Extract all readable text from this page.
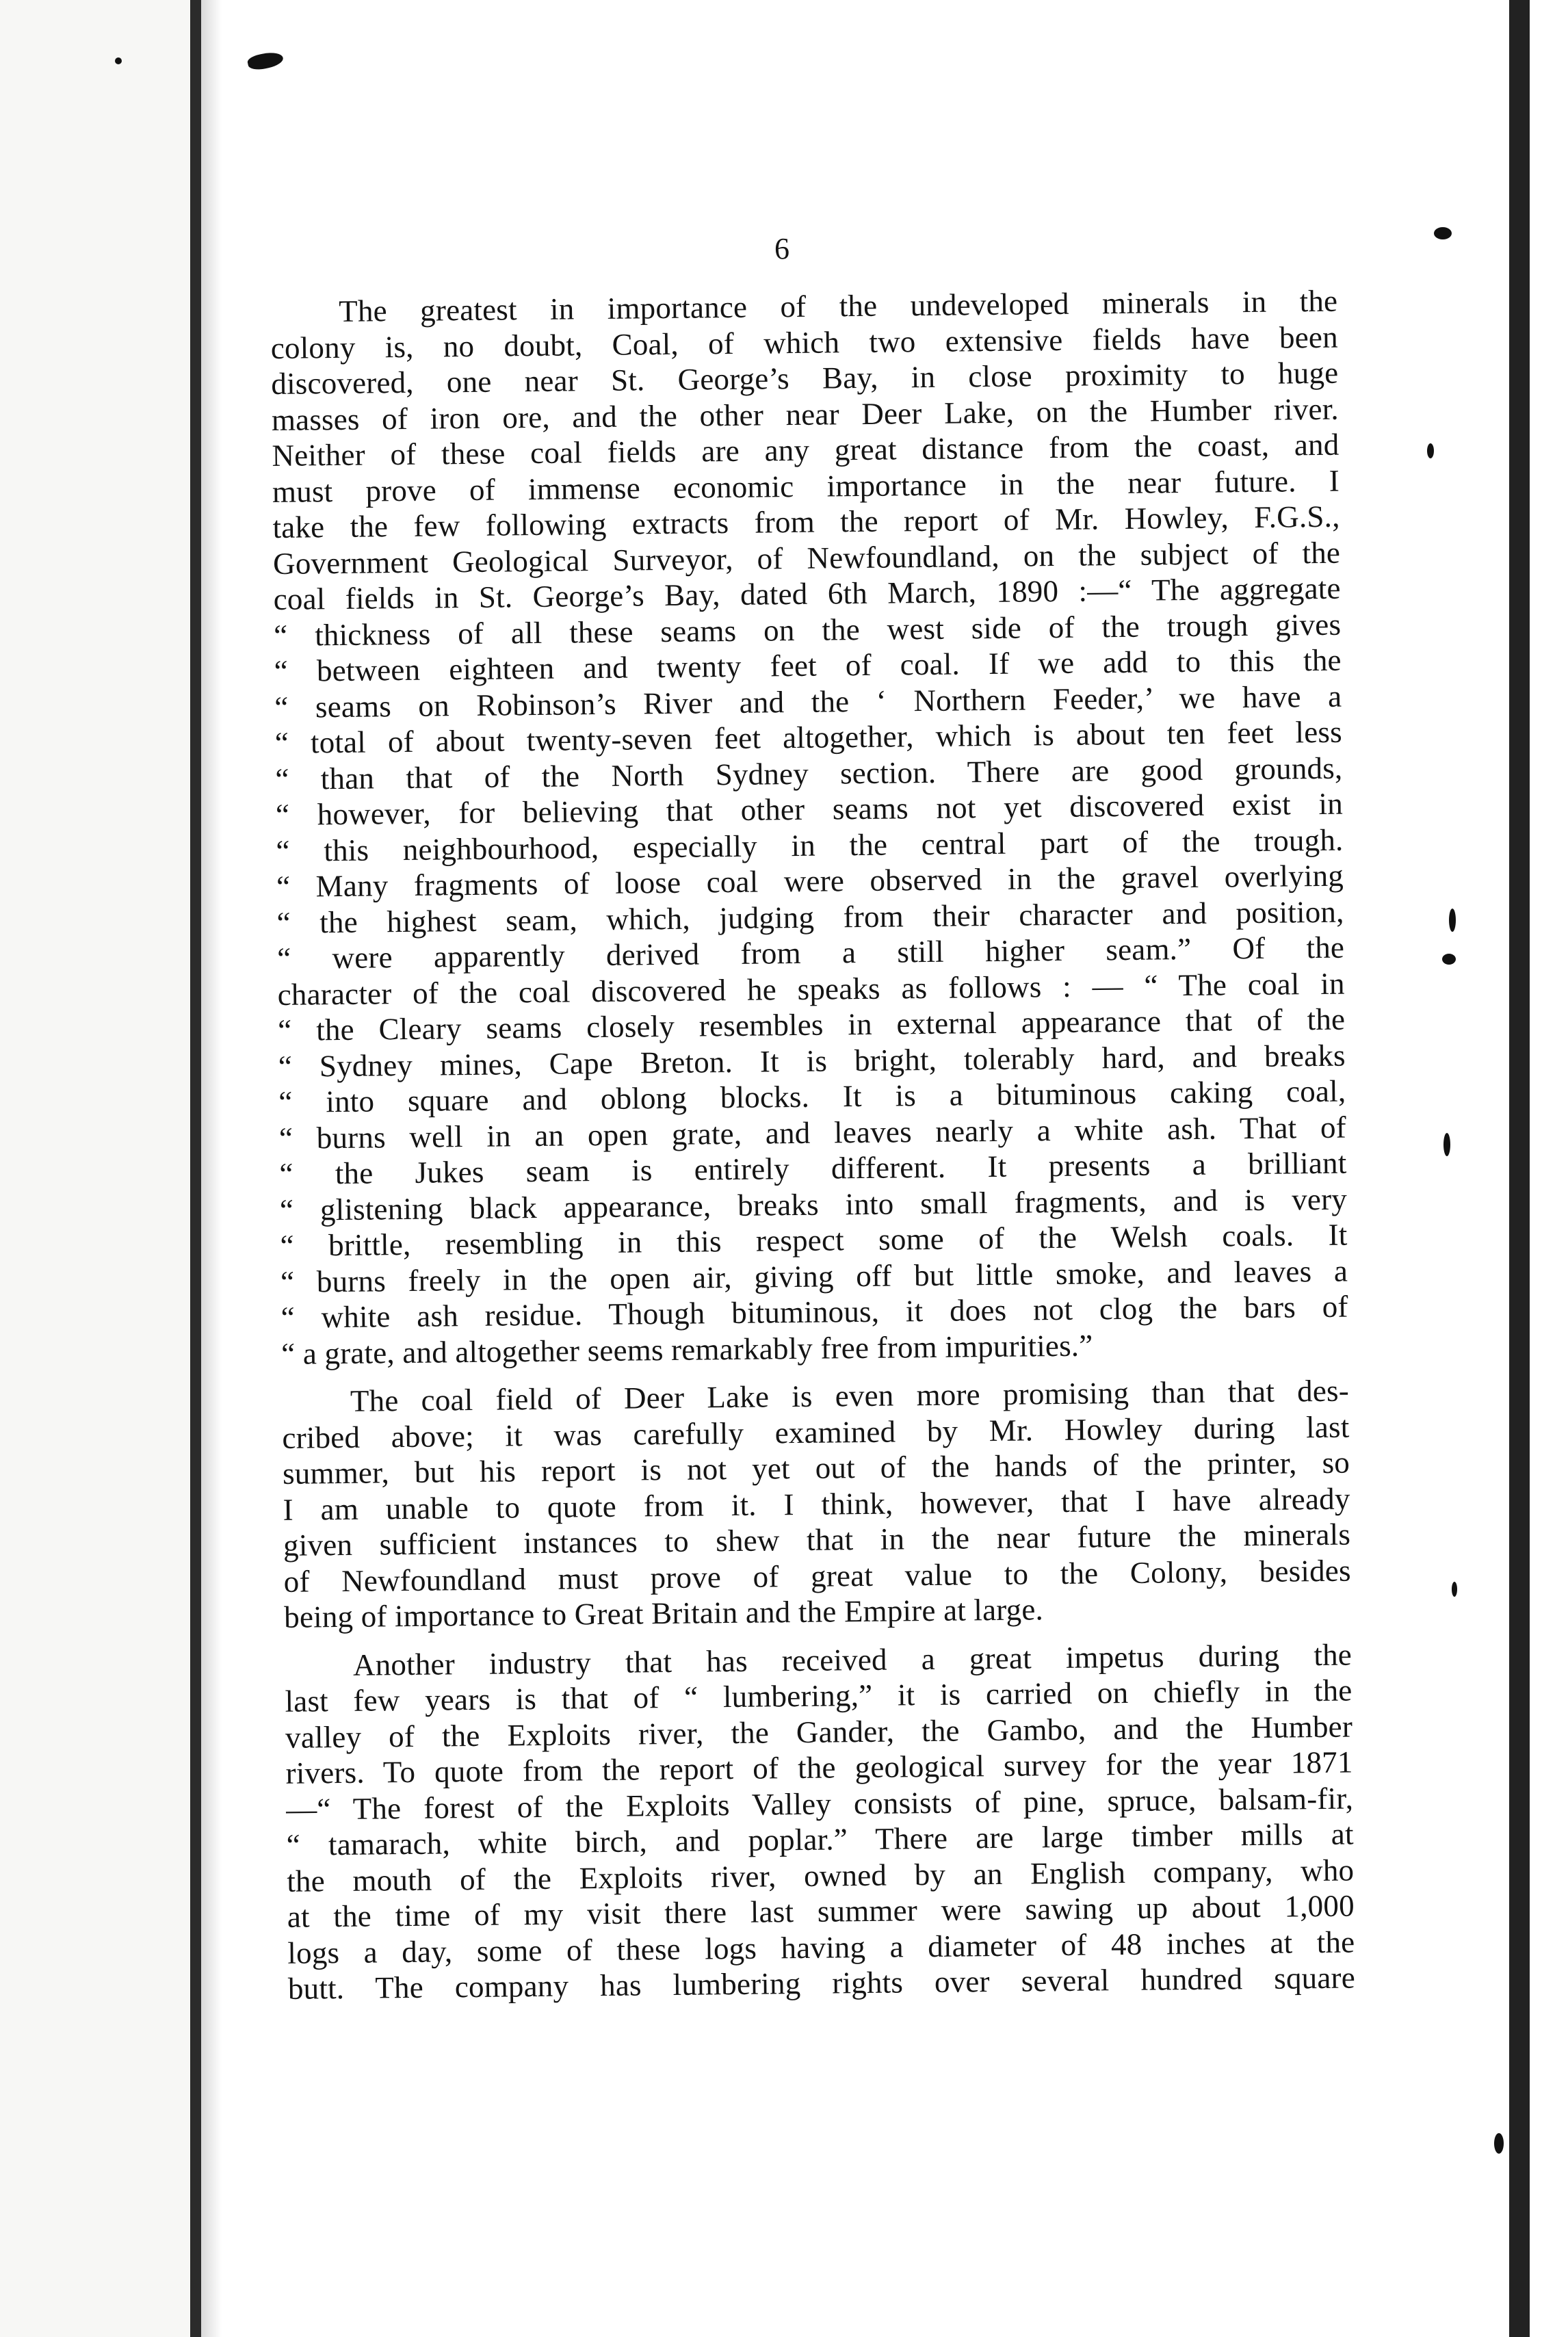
6
The greatest in importance of the undeveloped minerals in the
colony is, no doubt, Coal, of which two extensive fields have been
discovered, one near St. George’s Bay, in close proximity to huge
masses of iron ore, and the other near Deer Lake, on the Humber river.
Neither of these coal fields are any great distance from the coast, and
must prove of immense economic importance in the near future. I
take the few following extracts from the report of Mr. Howley, F.G.S.,
Government Geological Surveyor, of Newfoundland, on the subject of the
coal fields in St. George’s Bay, dated 6th March, 1890 :—“ The aggregate
“ thickness of all these seams on the west side of the trough gives
“ between eighteen and twenty feet of coal. If we add to this the
“ seams on Robinson’s River and the ‘ Northern Feeder,’ we have a
“ total of about twenty-seven feet altogether, which is about ten feet less
“ than that of the North Sydney section. There are good grounds,
“ however, for believing that other seams not yet discovered exist in
“ this neighbourhood, especially in the central part of the trough.
“ Many fragments of loose coal were observed in the gravel overlying
“ the highest seam, which, judging from their character and position,
“ were apparently derived from a still higher seam.” Of the
character of the coal discovered he speaks as follows : — “ The coal in
“ the Cleary seams closely resembles in external appearance that of the
“ Sydney mines, Cape Breton. It is bright, tolerably hard, and breaks
“ into square and oblong blocks. It is a bituminous caking coal,
“ burns well in an open grate, and leaves nearly a white ash. That of
“ the Jukes seam is entirely different. It presents a brilliant
“ glistening black appearance, breaks into small fragments, and is very
“ brittle, resembling in this respect some of the Welsh coals. It
“ burns freely in the open air, giving off but little smoke, and leaves a
“ white ash residue. Though bituminous, it does not clog the bars of
“ a grate, and altogether seems remarkably free from impurities.”
The coal field of Deer Lake is even more promising than that des-
cribed above; it was carefully examined by Mr. Howley during last
summer, but his report is not yet out of the hands of the printer, so
I am unable to quote from it. I think, however, that I have already
given sufficient instances to shew that in the near future the minerals
of Newfoundland must prove of great value to the Colony, besides
being of importance to Great Britain and the Empire at large.
Another industry that has received a great impetus during the
last few years is that of “ lumbering,” it is carried on chiefly in the
valley of the Exploits river, the Gander, the Gambo, and the Humber
rivers. To quote from the report of the geological survey for the year 1871
—“ The forest of the Exploits Valley consists of pine, spruce, balsam-fir,
“ tamarach, white birch, and poplar.” There are large timber mills at
the mouth of the Exploits river, owned by an English company, who
at the time of my visit there last summer were sawing up about 1,000
logs a day, some of these logs having a diameter of 48 inches at the
butt. The company has lumbering rights over several hundred square
